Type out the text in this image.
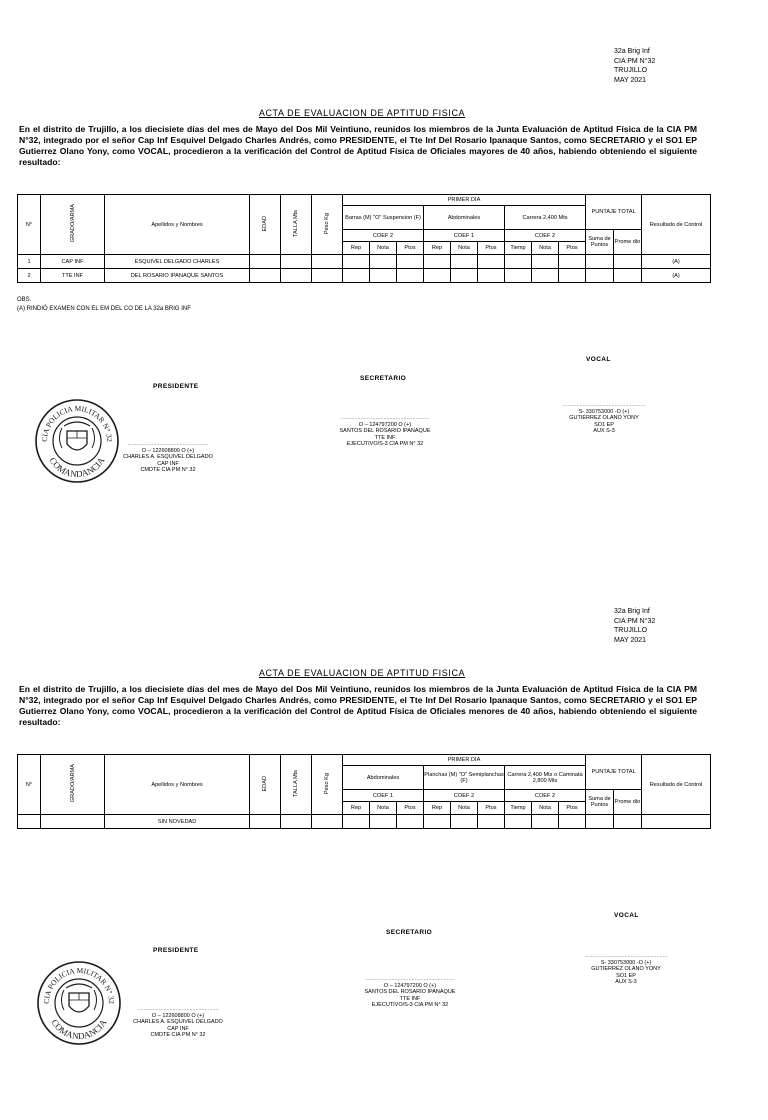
32a Brig Inf
CIA PM N°32
TRUJILLO
MAY 2021
ACTA DE EVALUACION DE APTITUD FISICA
En el distrito de Trujillo, a los diecisiete días del mes de Mayo del Dos Mil Veintiuno, reunidos los miembros de la Junta Evaluación de Aptitud Física de la CIA PM N°32, integrado por el señor Cap Inf Esquivel Delgado Charles Andrés, como PRESIDENTE, el Tte Inf Del Rosario Ipanaque Santos, como SECRETARIO y el SO1 EP Gutierrez Olano Yony, como VOCAL, procedieron a la verificación del Control de Aptitud Física de Oficiales mayores de 40 años, habiendo obteniendo el siguiente resultado:
N°	GRADO/ARMA	Apellidos y Nombres	EDAD	TALLA Mts	Peso Kg	PRIMER DIA									PUNTAJE TOTAL		Resultado de Control
						Barras (M) "O" Suspension (F)			Abdominales			Carrera 2,400 Mts					
						COEF 2			COEF 1			COEF 2			Suma de Puntos	Prome dio	
						Rep	Nota	Ptos	Rep	Nota	Ptos	Tiemp	Nota	Ptos			
1	CAP INF	ESQUIVEL DELGADO CHARLES															(A)
2	TTE INF	DEL ROSARIO IPANAQUE SANTOS															(A)
OBS.
(A) RINDIÓ EXAMEN CON EL EM DEL CO DE LA 32a BRIG INF
VOCAL
SECRETARIO
PRESIDENTE
CIA POLICIA MILITAR N° 32
COMANDANCIA
.....................................................
O – 122608800 O (+)
CHARLES A. ESQUIVEL DELGADO
CAP INF
CMDTE CIA PM N° 32
..........................................................
O – 124797200 O (+)
SANTOS DEL ROSARIO IPANAQUE
TTE INF
EJECUTIVO/S-3 CIA PM N° 32
......................................................
S- 330753000 -O (+)
GUTIERREZ OLANO YONY
SO1 EP
AUX S-3
32a Brig Inf
CIA PM N°32
TRUJILLO
MAY 2021
ACTA DE EVALUACION DE APTITUD FISICA
En el distrito de Trujillo, a los diecisiete días del mes de Mayo del Dos Mil Veintiuno, reunidos los miembros de la Junta Evaluación de Aptitud Física de la CIA PM N°32, integrado por el señor Cap Inf Esquivel Delgado Charles Andrés, como PRESIDENTE, el Tte Inf Del Rosario Ipanaque Santos, como SECRETARIO y el SO1 EP Gutierrez Olano Yony, como VOCAL, procedieron a la verificación del Control de Aptitud Física de Oficiales menores de 40 años, habiendo obteniendo el siguiente resultado:
N°	GRADO/ARMA	Apellidos y Nombres	EDAD	TALLA Mts	Peso Kg	PRIMER DIA									PUNTAJE TOTAL		Resultado de Control
						Abdominales			Planchas (M) "O" Semiplanchas (F)			Carrera 2,400 Mts o Caminata 2,800 Mts					
						COEF 1			COEF 2			COEF 2			Suma de Puntos	Prome dio	
						Rep	Nota	Ptos	Rep	Nota	Ptos	Tiemp	Nota	Ptos			
		SIN NOVEDAD															
VOCAL
SECRETARIO
PRESIDENTE
CIA POLICIA MILITAR N° 32
COMANDANCIA
.....................................................
O – 122608800 O (+)
CHARLES A. ESQUIVEL DELGADO
CAP INF
CMDTE CIA PM N° 32
..........................................................
O – 124797200 O (+)
SANTOS DEL ROSARIO IPANAQUE
TTE INF
EJECUTIVO/S-3 CIA PM N° 32
......................................................
S- 330753000 -O (+)
GUTIERREZ OLANO YONY
SO1 EP
AUX S-3
